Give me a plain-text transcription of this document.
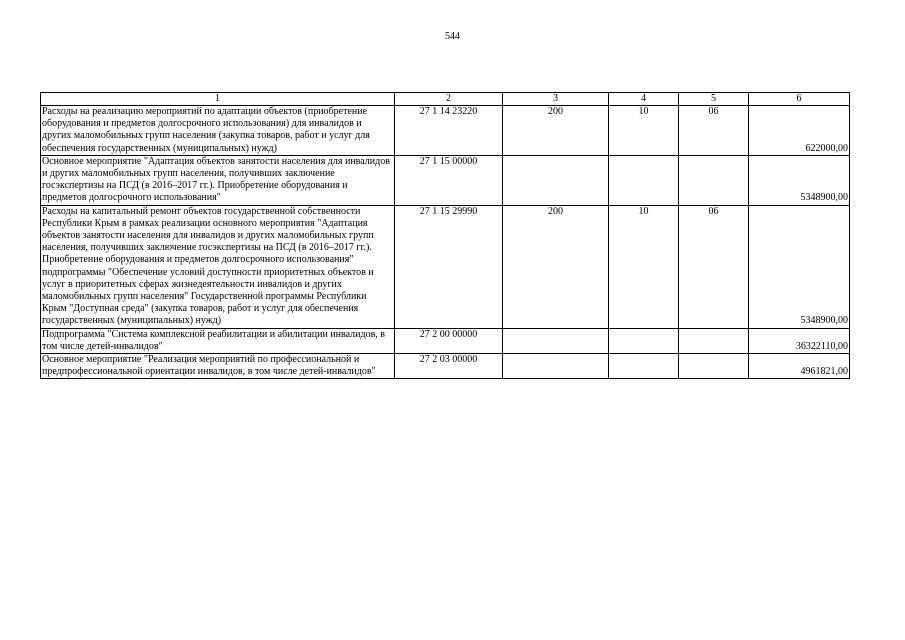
544
1	2	3	4	5	6
Расходы на реализацию мероприятий по адаптации объектов (приобретение оборудования и предметов долгосрочного использования) для инвалидов и других маломобильных групп населения (закупка товаров, работ и услуг для обеспечения государственных (муниципальных) нужд)	27 1 14 23220	200	10	06	622000,00
Основное мероприятие "Адаптация объектов занятости населения для инвалидов и других маломобильных групп населения, получивших заключение госэкспертизы на ПСД (в 2016–2017 гг.). Приобретение оборудования и предметов долгосрочного использования"	27 1 15 00000				5348900,00
Расходы на капитальный ремонт объектов государственной собственности Республики Крым в рамках реализации основного мероприятия "Адаптация объектов занятости населения для инвалидов и других маломобильных групп населения, получивших заключение госэкспертизы на ПСД (в 2016–2017 гг.). Приобретение оборудования и предметов долгосрочного использования" подпрограммы "Обеспечение условий доступности приоритетных объектов и услуг в приоритетных сферах жизнедеятельности инвалидов и других маломобильных групп населения" Государственной программы Республики Крым "Доступная среда" (закупка товаров, работ и услуг для обеспечения государственных (муниципальных) нужд)	27 1 15 29990	200	10	06	5348900,00
Подпрограмма "Система комплексной реабилитации и абилитации инвалидов, в том числе детей-инвалидов"	27 2 00 00000				36322110,00
Основное мероприятие "Реализация мероприятий по профессиональной и предпрофессиональной ориентации инвалидов, в том числе детей-инвалидов"	27 2 03 00000				4961821,00
